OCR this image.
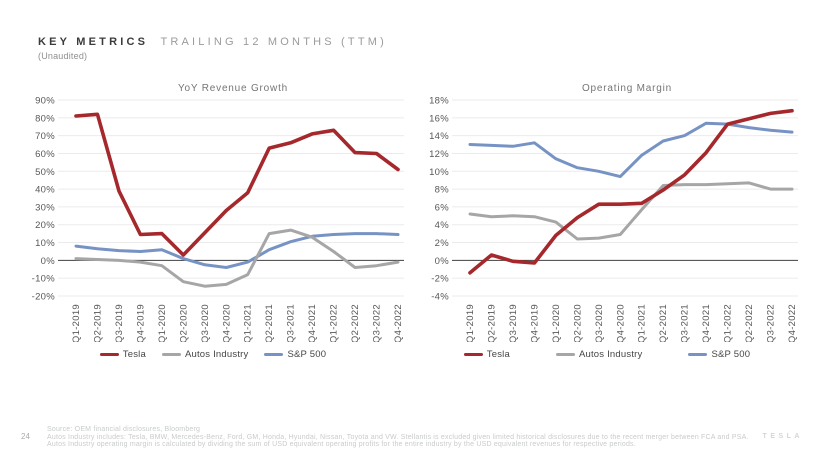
KEY METRICS TRAILING 12 MONTHS (TTM)
(Unaudited)
YoY Revenue Growth
90%
80%
70%
60%
50%
40%
30%
20%
10%
0%
-10%
-20%
Q1-2019 Q2-2019 Q3-2019 Q4-2019 Q1-2020 Q2-2020 Q3-2020 Q4-2020 Q1-2021 Q2-2021 Q3-2021 Q4-2021 Q1-2022 Q2-2022 Q3-2022 Q4-2022
Tesla	Autos Industry	S&P 500
Operating Margin
18%
16%
14%
12%
10%
8%
6%
4%
2%
0%
-2%
-4%
Q1-2019 Q2-2019 Q3-2019 Q4-2019 Q1-2020 Q2-2020 Q3-2020 Q4-2020 Q1-2021 Q2-2021 Q3-2021 Q4-2021 Q1-2022 Q2-2022 Q3-2022 Q4-2022
Tesla	Autos Industry	S&P 500
24
Source: OEM financial disclosures, Bloomberg
Autos Industry includes: Tesla, BMW, Mercedes-Benz, Ford, GM, Honda, Hyundai, Nissan, Toyota and VW. Stellantis is excluded given limited historical disclosures due to the recent merger between FCA and PSA.
Autos Industry operating margin is calculated by dividing the sum of USD equivalent operating profits for the entire industry by the USD equivalent revenues for respective periods.
TESLA
